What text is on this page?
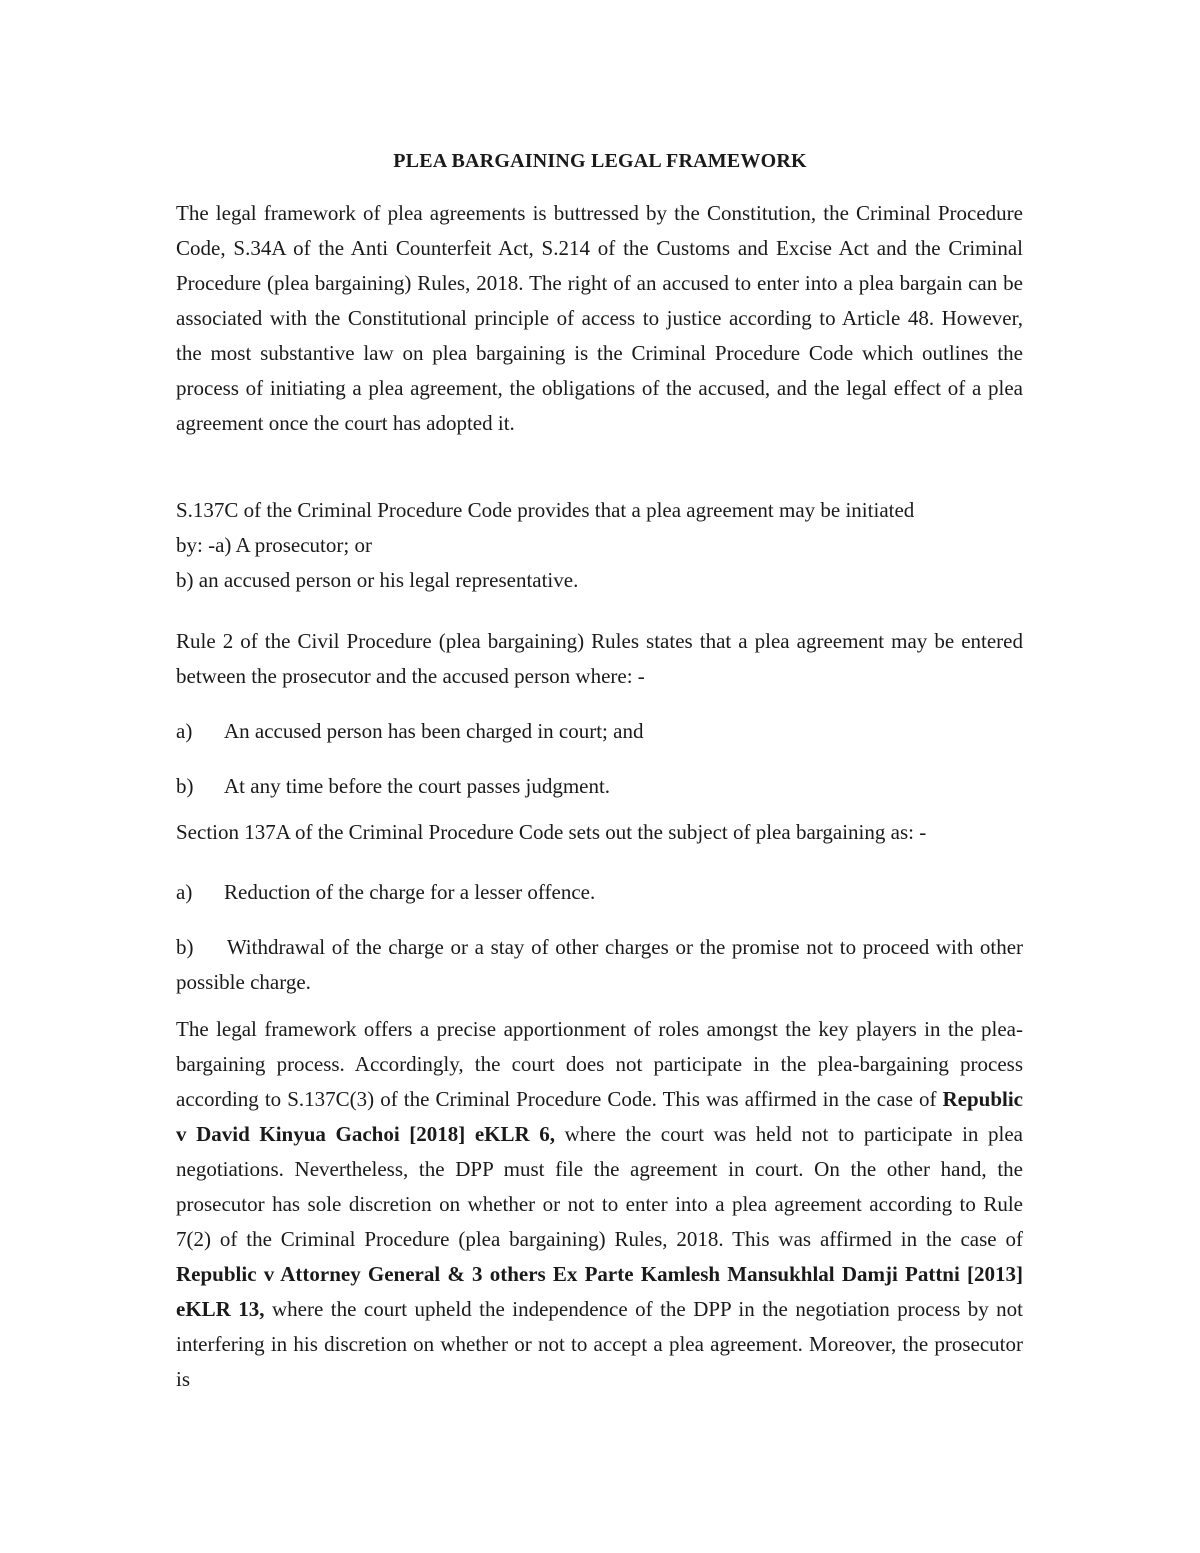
PLEA BARGAINING LEGAL FRAMEWORK

The legal framework of plea agreements is buttressed by the Constitution, the Criminal Procedure Code, S.34A of the Anti Counterfeit Act, S.214 of the Customs and Excise Act and the Criminal Procedure (plea bargaining) Rules, 2018. The right of an accused to enter into a plea bargain can be associated with the Constitutional principle of access to justice according to Article 48. However, the most substantive law on plea bargaining is the Criminal Procedure Code which outlines the process of initiating a plea agreement, the obligations of the accused, and the legal effect of a plea agreement once the court has adopted it.

S.137C of the Criminal Procedure Code provides that a plea agreement may be initiated
by: -a) A prosecutor; or
b) an accused person or his legal representative.

Rule 2 of the Civil Procedure (plea bargaining) Rules states that a plea agreement may be entered between the prosecutor and the accused person where: -

a) An accused person has been charged in court; and
b) At any time before the court passes judgment.
Section 137A of the Criminal Procedure Code sets out the subject of plea bargaining as: -
a) Reduction of the charge for a lesser offence.

b) Withdrawal of the charge or a stay of other charges or the promise not to proceed with other possible charge.

The legal framework offers a precise apportionment of roles amongst the key players in the plea-bargaining process. Accordingly, the court does not participate in the plea-bargaining process according to S.137C(3) of the Criminal Procedure Code. This was affirmed in the case of Republic v David Kinyua Gachoi [2018] eKLR 6, where the court was held not to participate in plea negotiations. Nevertheless, the DPP must file the agreement in court. On the other hand, the prosecutor has sole discretion on whether or not to enter into a plea agreement according to Rule 7(2) of the Criminal Procedure (plea bargaining) Rules, 2018. This was affirmed in the case of Republic v Attorney General & 3 others Ex Parte Kamlesh Mansukhlal Damji Pattni [2013] eKLR 13, where the court upheld the independence of the DPP in the negotiation process by not interfering in his discretion on whether or not to accept a plea agreement. Moreover, the prosecutor is
